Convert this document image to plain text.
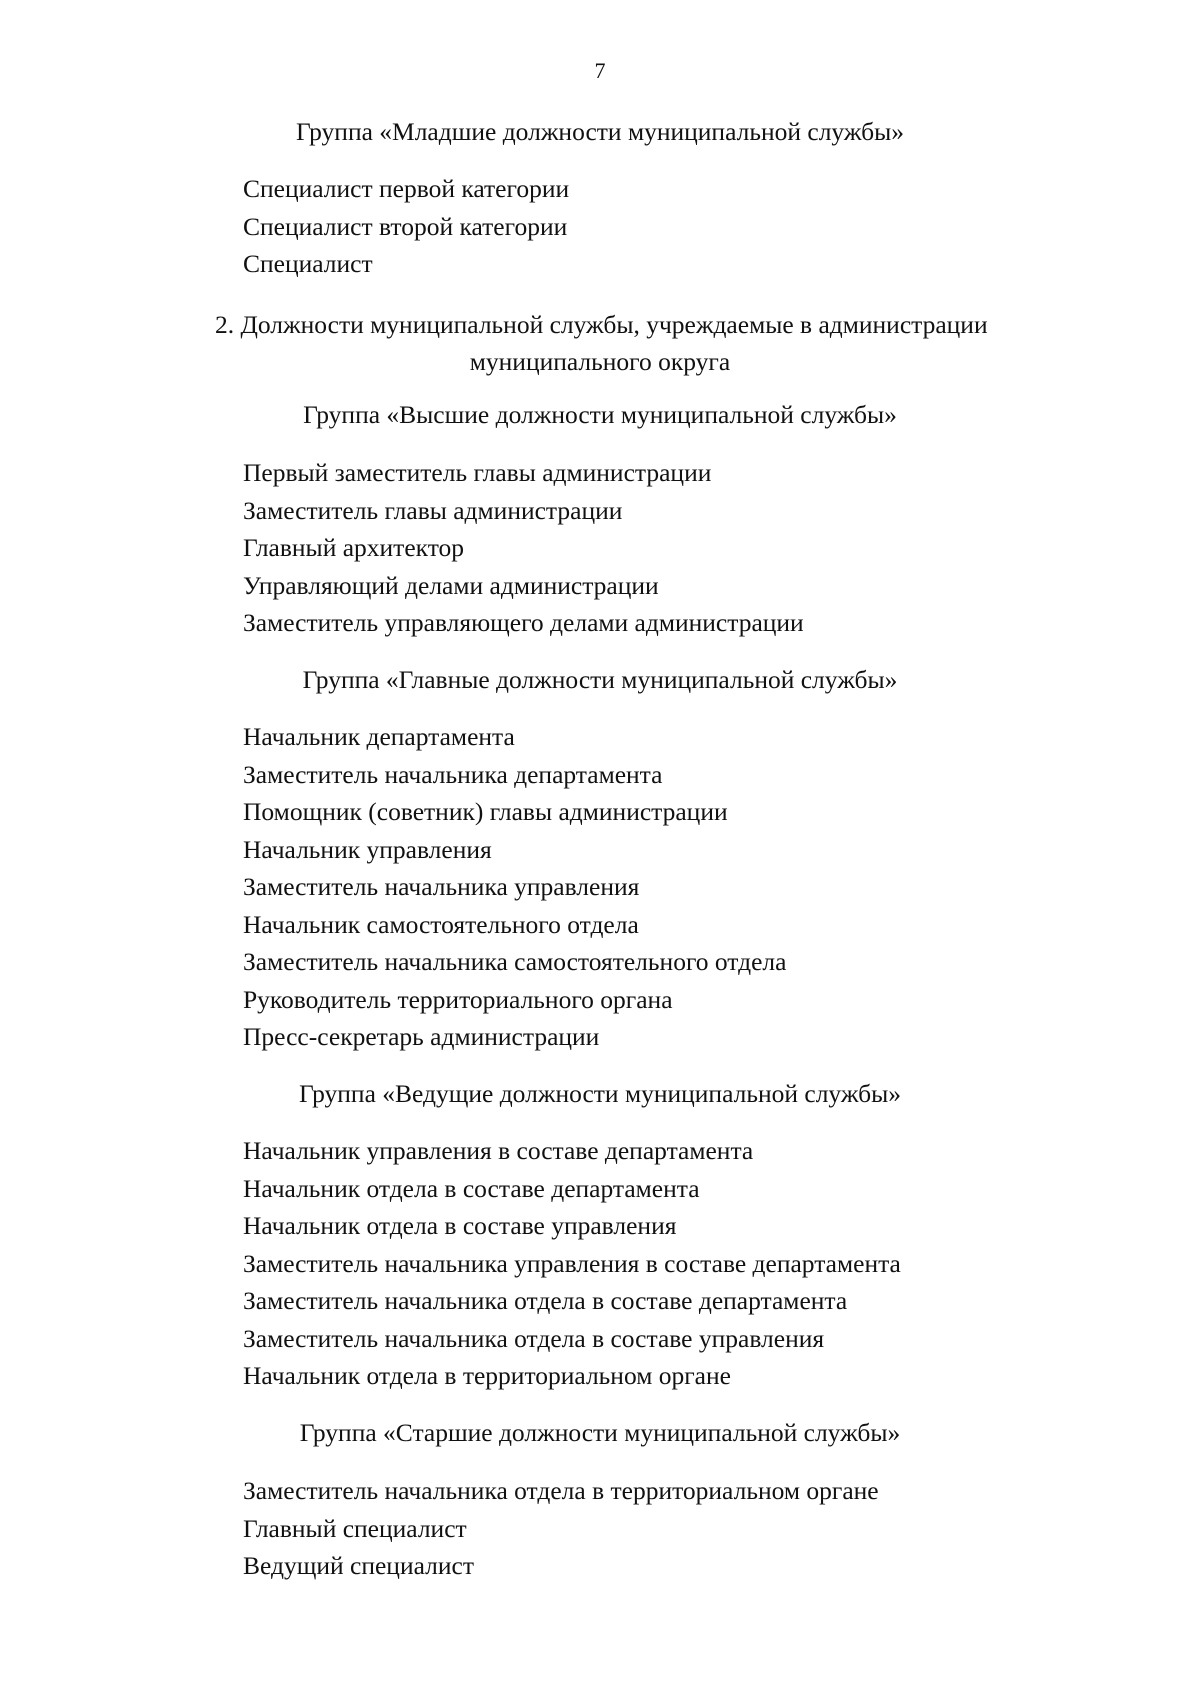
7
Группа «Младшие должности муниципальной службы»
Специалист первой категории
Специалист второй категории
Специалист
2. Должности муниципальной службы, учреждаемые в администрации
муниципального округа
Группа «Высшие должности муниципальной службы»
Первый заместитель главы администрации
Заместитель главы администрации
Главный архитектор
Управляющий делами администрации
Заместитель управляющего делами администрации
Группа «Главные должности муниципальной службы»
Начальник департамента
Заместитель начальника департамента
Помощник (советник) главы администрации
Начальник управления
Заместитель начальника управления
Начальник самостоятельного отдела
Заместитель начальника самостоятельного отдела
Руководитель территориального органа
Пресс-секретарь администрации
Группа «Ведущие должности муниципальной службы»
Начальник управления в составе департамента
Начальник отдела в составе департамента
Начальник отдела в составе управления
Заместитель начальника управления в составе департамента
Заместитель начальника отдела в составе департамента
Заместитель начальника отдела в составе управления
Начальник отдела в территориальном органе
Группа «Старшие должности муниципальной службы»
Заместитель начальника отдела в территориальном органе
Главный специалист
Ведущий специалист
